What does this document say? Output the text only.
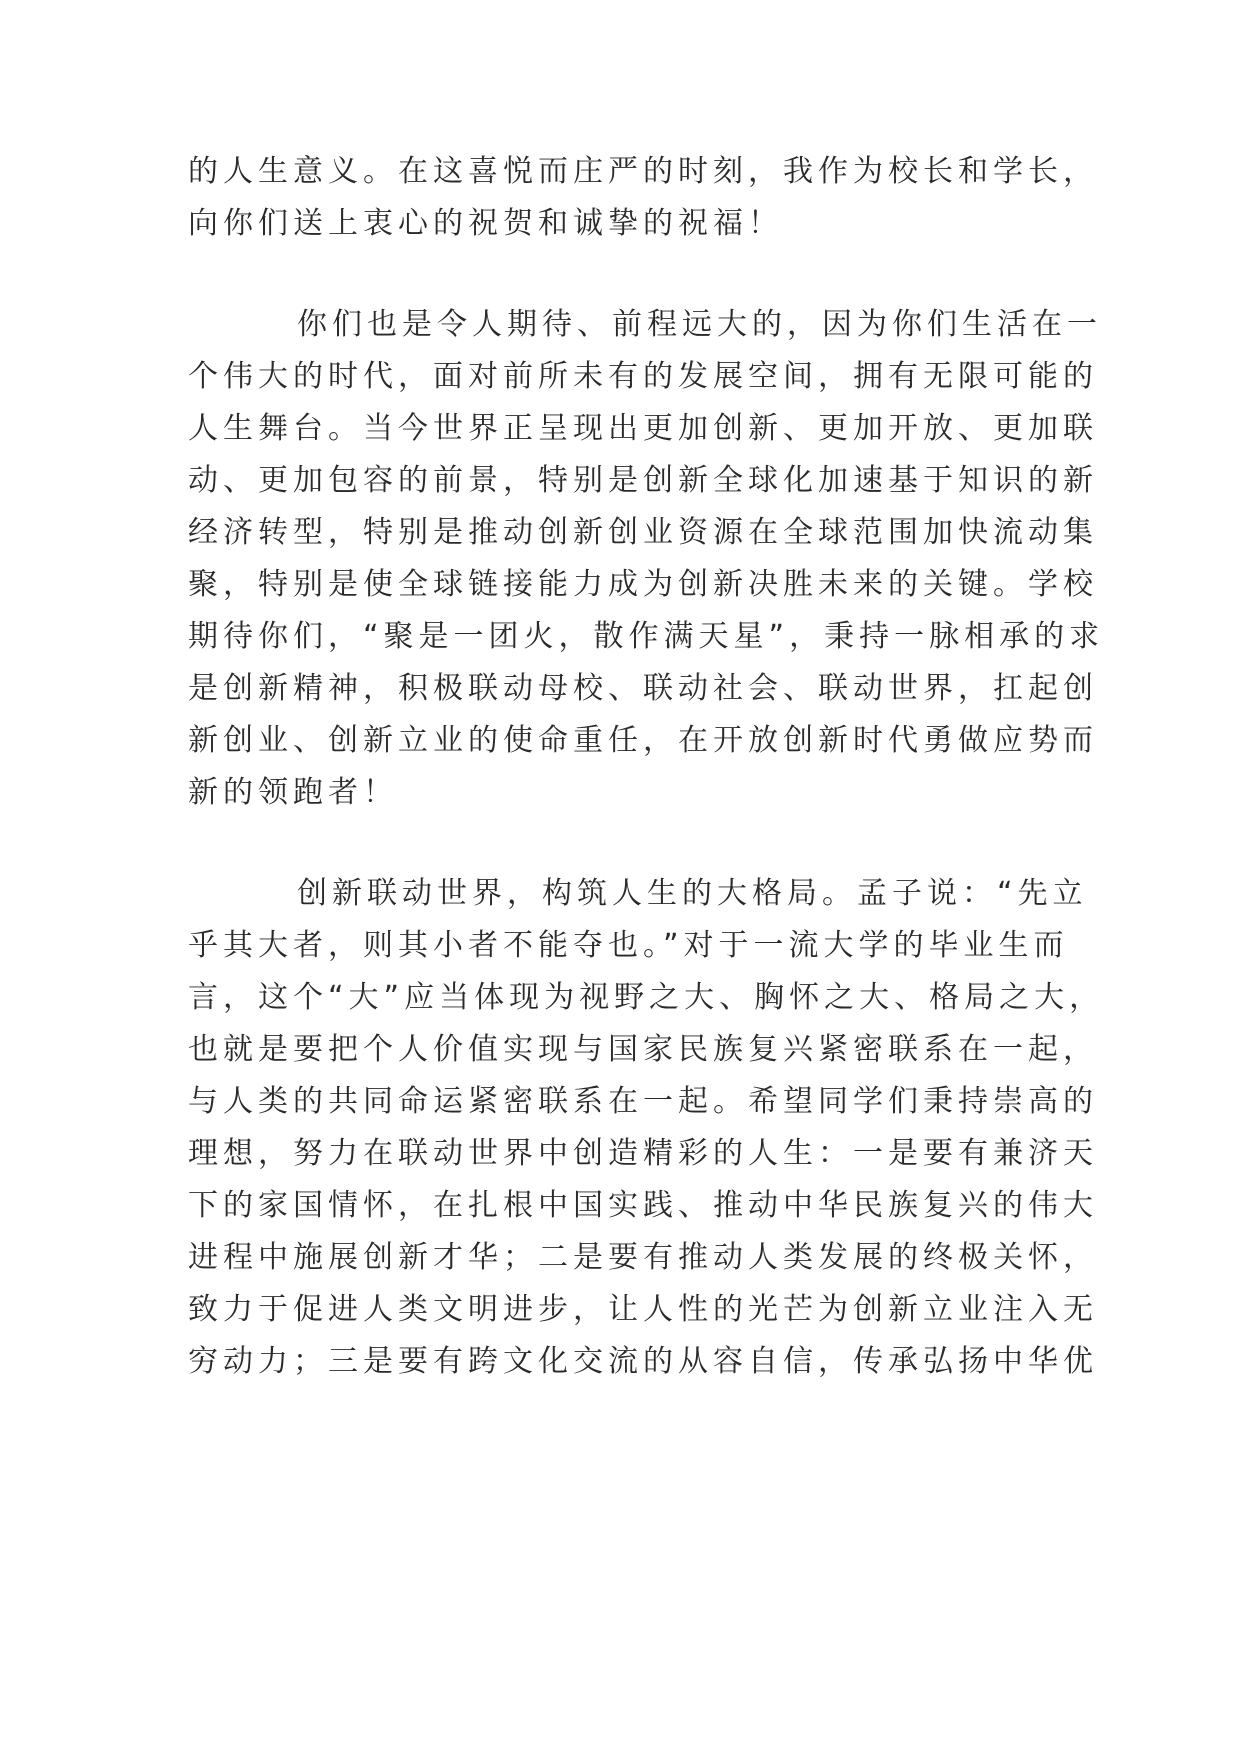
的人生意义。在这喜悦而庄严的时刻，我作为校长和学长，
向你们送上衷心的祝贺和诚挚的祝福！
你们也是令人期待、前程远大的，因为你们生活在一
个伟大的时代，面对前所未有的发展空间，拥有无限可能的
人生舞台。当今世界正呈现出更加创新、更加开放、更加联
动、更加包容的前景，特别是创新全球化加速基于知识的新
经济转型，特别是推动创新创业资源在全球范围加快流动集
聚，特别是使全球链接能力成为创新决胜未来的关键。学校
期待你们，“聚是一团火，散作满天星”，秉持一脉相承的求
是创新精神，积极联动母校、联动社会、联动世界，扛起创
新创业、创新立业的使命重任，在开放创新时代勇做应势而
新的领跑者！
创新联动世界，构筑人生的大格局。孟子说：“先立
乎其大者，则其小者不能夺也。”对于一流大学的毕业生而
言，这个“大”应当体现为视野之大、胸怀之大、格局之大，
也就是要把个人价值实现与国家民族复兴紧密联系在一起，
与人类的共同命运紧密联系在一起。希望同学们秉持崇高的
理想，努力在联动世界中创造精彩的人生：一是要有兼济天
下的家国情怀，在扎根中国实践、推动中华民族复兴的伟大
进程中施展创新才华；二是要有推动人类发展的终极关怀，
致力于促进人类文明进步，让人性的光芒为创新立业注入无
穷动力；三是要有跨文化交流的从容自信，传承弘扬中华优
